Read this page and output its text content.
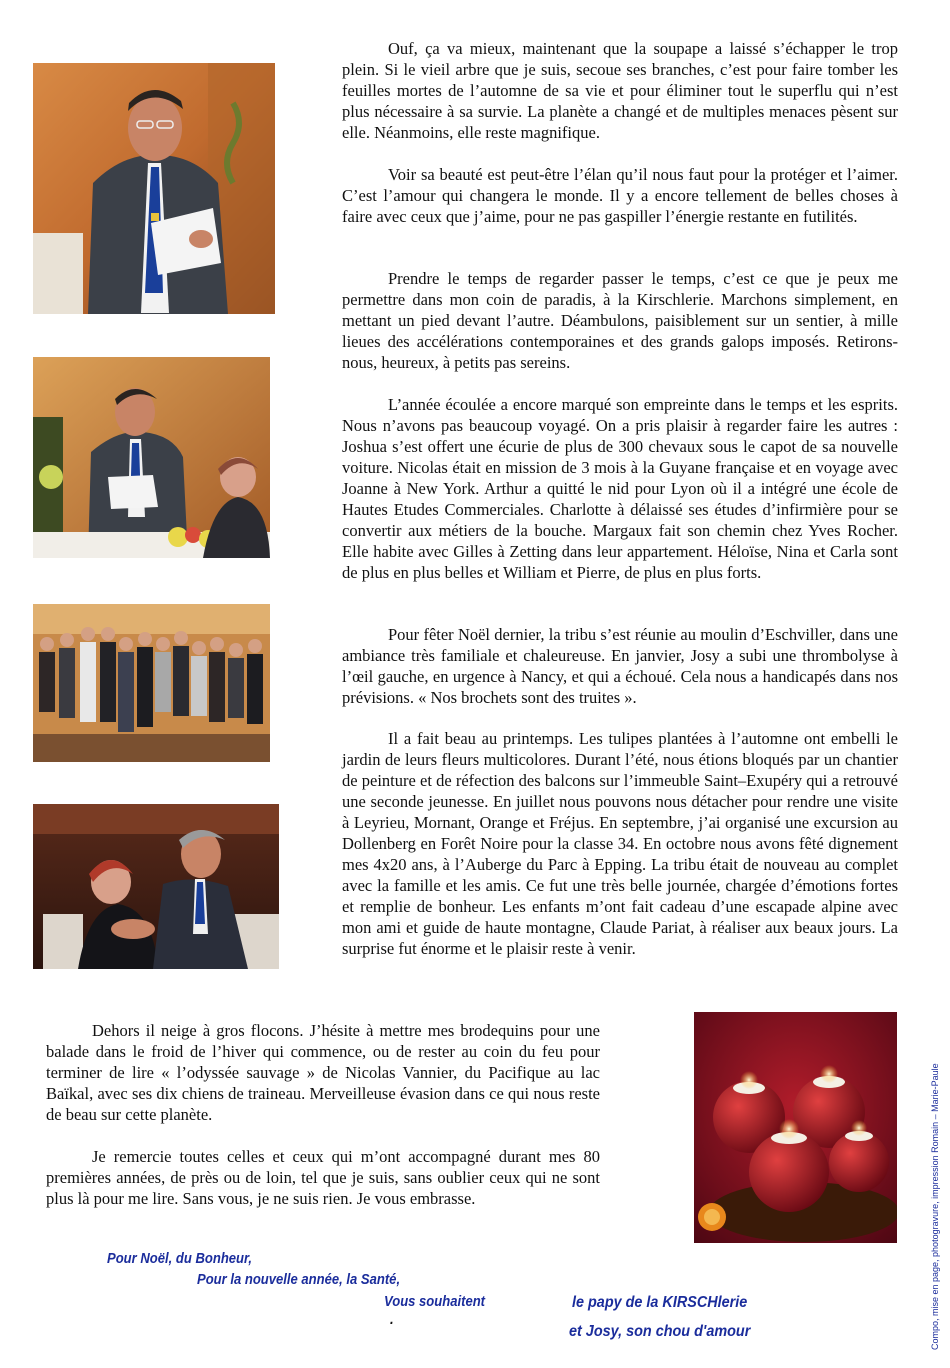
Ouf, ça va mieux, maintenant que la soupape a laissé s’échapper le trop plein. Si le vieil arbre que je suis, secoue ses branches, c’est pour faire tomber les feuilles mortes de l’automne de sa vie et pour éliminer tout le superflu qui n’est plus nécessaire à sa survie. La planète a changé et de multiples menaces pèsent sur elle. Néanmoins, elle reste magnifique.

Voir sa beauté est peut-être l’élan qu’il nous faut pour la protéger et l’aimer. C’est l’amour qui changera le monde. Il y a encore tellement de belles choses à faire avec ceux que j’aime, pour ne pas gaspiller l’énergie restante en futilités.

Prendre le temps de regarder passer le temps, c’est ce que je peux me permettre dans mon coin de paradis, à la Kirschlerie. Marchons simplement, en mettant un pied devant l’autre. Déambulons, paisiblement sur un sentier, à mille lieues des accélérations contemporaines et des grands galops imposés. Retirons-nous, heureux, à petits pas sereins.

L’année écoulée a encore marqué son empreinte dans le temps et les esprits. Nous n’avons pas beaucoup voyagé. On a pris plaisir à regarder faire les autres : Joshua s’est offert une écurie de plus de 300 chevaux sous le capot de sa nouvelle voiture. Nicolas était en mission de 3 mois à la Guyane française et en voyage avec Joanne à New York. Arthur a quitté le nid pour Lyon où il a intégré une école de Hautes Etudes Commerciales. Charlotte à délaissé ses études d’infirmière pour se convertir aux métiers de la bouche. Margaux fait son chemin chez Yves Rocher. Elle habite avec Gilles à Zetting dans leur appartement. Héloïse, Nina et Carla sont de plus en plus belles et William et Pierre, de plus en plus forts.

Pour fêter Noël dernier, la tribu s’est réunie au moulin d’Eschviller, dans une ambiance très familiale et chaleureuse. En janvier, Josy a subi une thrombolyse à l’œil gauche, en urgence à Nancy, et qui a échoué. Cela nous a handicapés dans nos prévisions. « Nos brochets sont des truites ».

Il a fait beau au printemps. Les tulipes plantées à l’automne ont embelli le jardin de leurs fleurs multicolores. Durant l’été, nous étions bloqués par un chantier de peinture et de réfection des balcons sur l’immeuble Saint–Exupéry qui a retrouvé une seconde jeunesse. En juillet nous pouvons nous détacher pour rendre une visite à Leyrieu, Mornant, Orange et Fréjus. En septembre, j’ai organisé une excursion au Dollenberg en Forêt Noire pour la classe 34. En octobre nous avons fêté dignement mes 4x20 ans, à l’Auberge du Parc à Epping. La tribu était de nouveau au complet avec la famille et les amis. Ce fut une très belle journée, chargée d’émotions fortes et remplie de bonheur. Les enfants m’ont fait cadeau d’une escapade alpine avec mon ami et guide de haute montagne, Claude Pariat, à réaliser aux beaux jours. La surprise fut énorme et le plaisir reste à venir.

Dehors il neige à gros flocons. J’hésite à mettre mes brodequins pour une balade dans le froid de l’hiver qui commence, ou de rester au coin du feu pour terminer de lire « l’odyssée sauvage » de Nicolas Vannier, du Pacifique au lac Baïkal, avec ses dix chiens de traineau. Merveilleuse évasion dans ce qui nous reste de beau sur cette planète.

Je remercie toutes celles et ceux qui m’ont accompagné durant mes 80 premières années, de près ou de loin, tel que je suis, sans oublier ceux qui ne sont plus là pour me lire. Sans vous, je ne suis rien. Je vous embrasse.

Pour Noël, du Bonheur,

Pour la nouvelle année, la Santé,

Vous souhaitent

.

le papy de la KIRSCHlerie

et Josy, son chou d'amour	Compo, mise en page, photogravure, impression Romain – Marie-Paule
